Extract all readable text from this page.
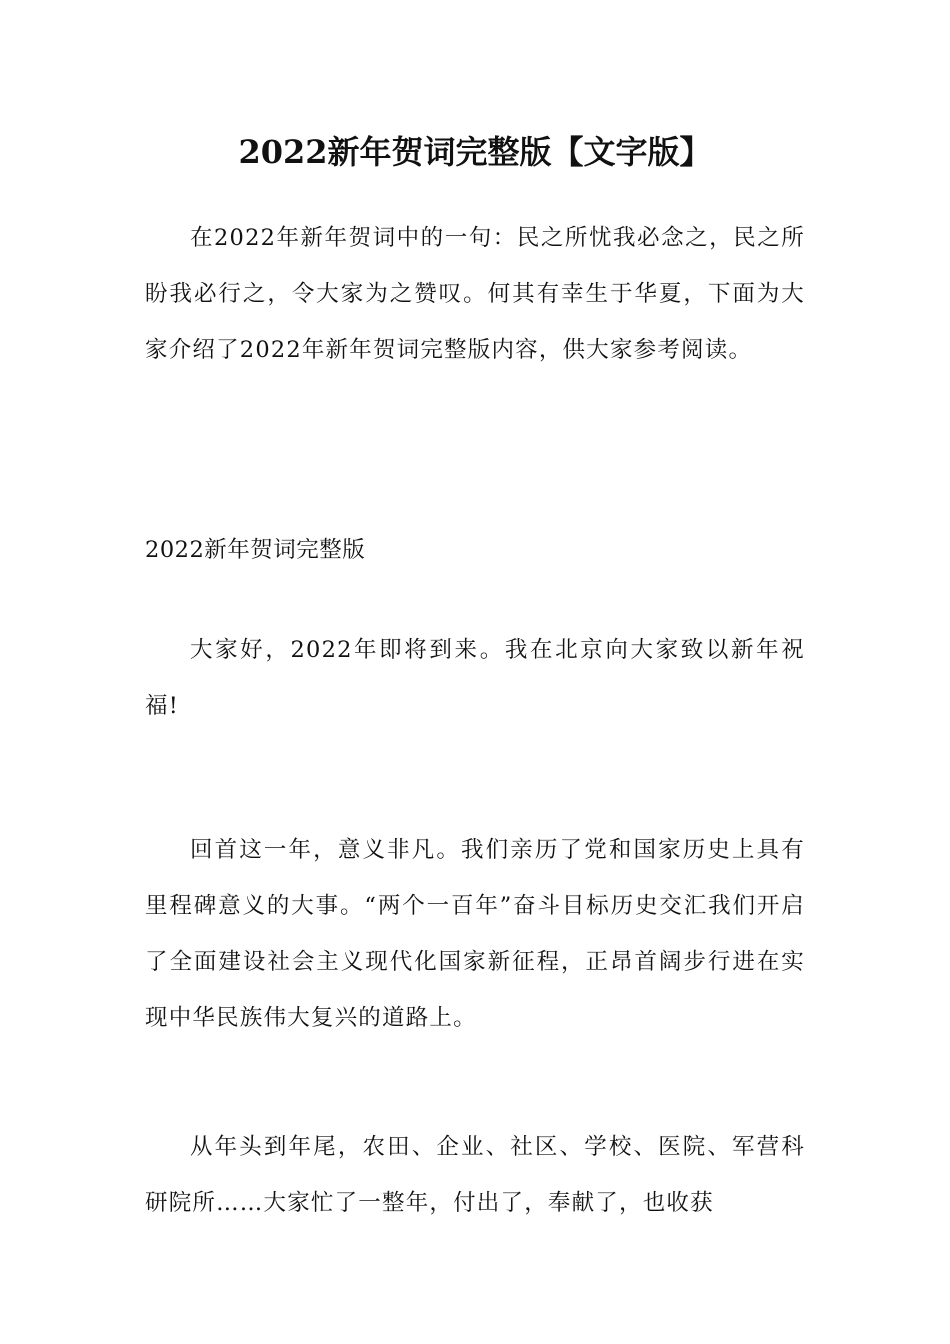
2022新年贺词完整版【文字版】

在2022年新年贺词中的一句：民之所忧我必念之，民之所盼我必行之，令大家为之赞叹。何其有幸生于华夏，下面为大家介绍了2022年新年贺词完整版内容，供大家参考阅读。

2022新年贺词完整版

大家好，2022年即将到来。我在北京向大家致以新年祝福!

回首这一年，意义非凡。我们亲历了党和国家历史上具有里程碑意义的大事。“两个一百年”奋斗目标历史交汇我们开启了全面建设社会主义现代化国家新征程，正昂首阔步行进在实现中华民族伟大复兴的道路上。

从年头到年尾，农田、企业、社区、学校、医院、军营科研院所……大家忙了一整年，付出了，奉献了，也收获
